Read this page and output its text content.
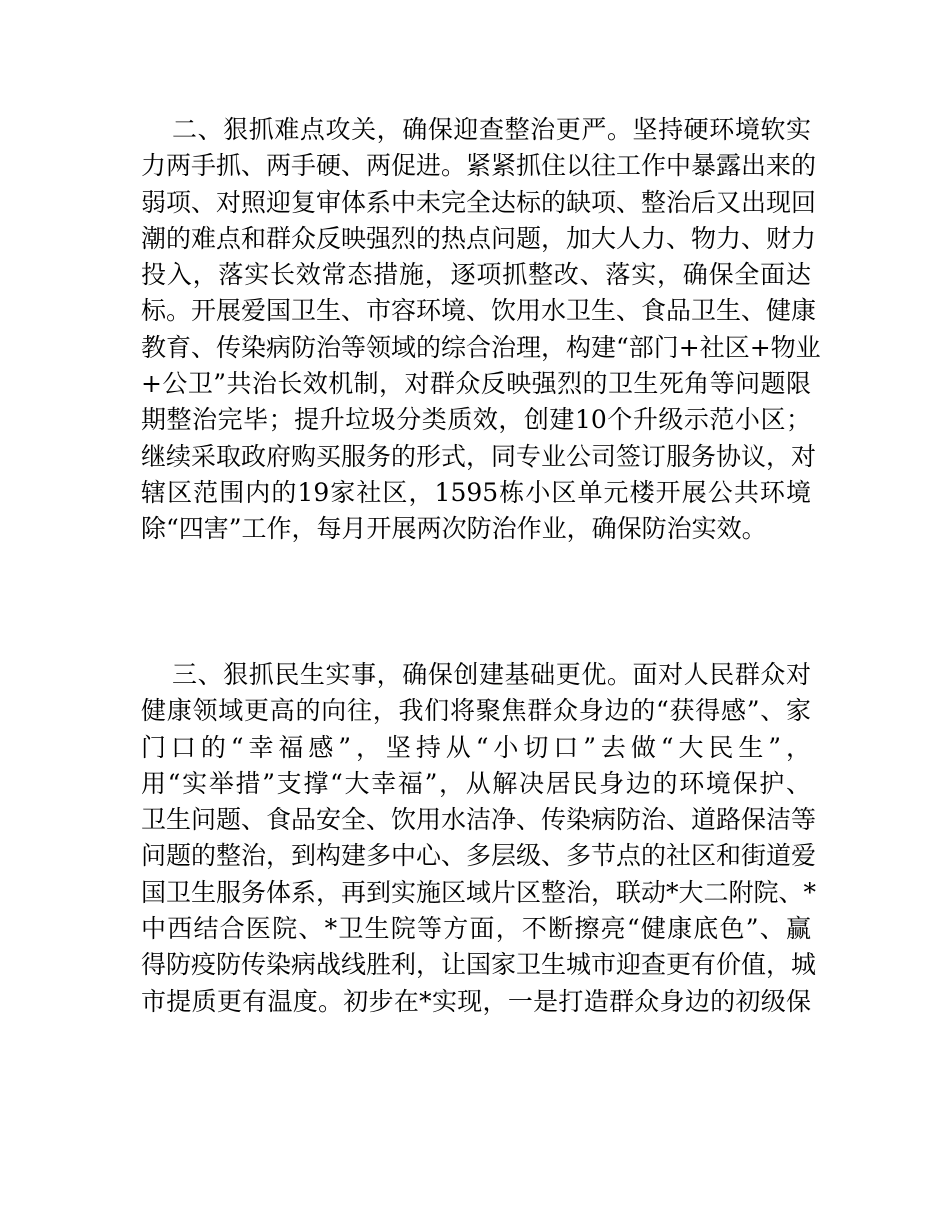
二、狠抓难点攻关，确保迎查整治更严。坚持硬环境软实
力两手抓、两手硬、两促进。紧紧抓住以往工作中暴露出来的
弱项、对照迎复审体系中未完全达标的缺项、整治后又出现回
潮的难点和群众反映强烈的热点问题，加大人力、物力、财力
投入，落实长效常态措施，逐项抓整改、落实，确保全面达
标。开展爱国卫生、市容环境、饮用水卫生、食品卫生、健康
教育、传染病防治等领域的综合治理，构建“部门+社区+物业
+公卫”共治长效机制，对群众反映强烈的卫生死角等问题限
期整治完毕；提升垃圾分类质效，创建10个升级示范小区；
继续采取政府购买服务的形式，同专业公司签订服务协议，对
辖区范围内的19家社区，1595栋小区单元楼开展公共环境
除“四害”工作，每月开展两次防治作业，确保防治实效。
三、狠抓民生实事，确保创建基础更优。面对人民群众对
健康领域更高的向往，我们将聚焦群众身边的“获得感”、家
门口的“幸福感”，坚持从“小切口”去做“大民生”，
用“实举措”支撑“大幸福”，从解决居民身边的环境保护、
卫生问题、食品安全、饮用水洁净、传染病防治、道路保洁等
问题的整治，到构建多中心、多层级、多节点的社区和街道爱
国卫生服务体系，再到实施区域片区整治，联动*大二附院、*
中西结合医院、*卫生院等方面，不断擦亮“健康底色”、赢
得防疫防传染病战线胜利，让国家卫生城市迎查更有价值，城
市提质更有温度。初步在*实现，一是打造群众身边的初级保
